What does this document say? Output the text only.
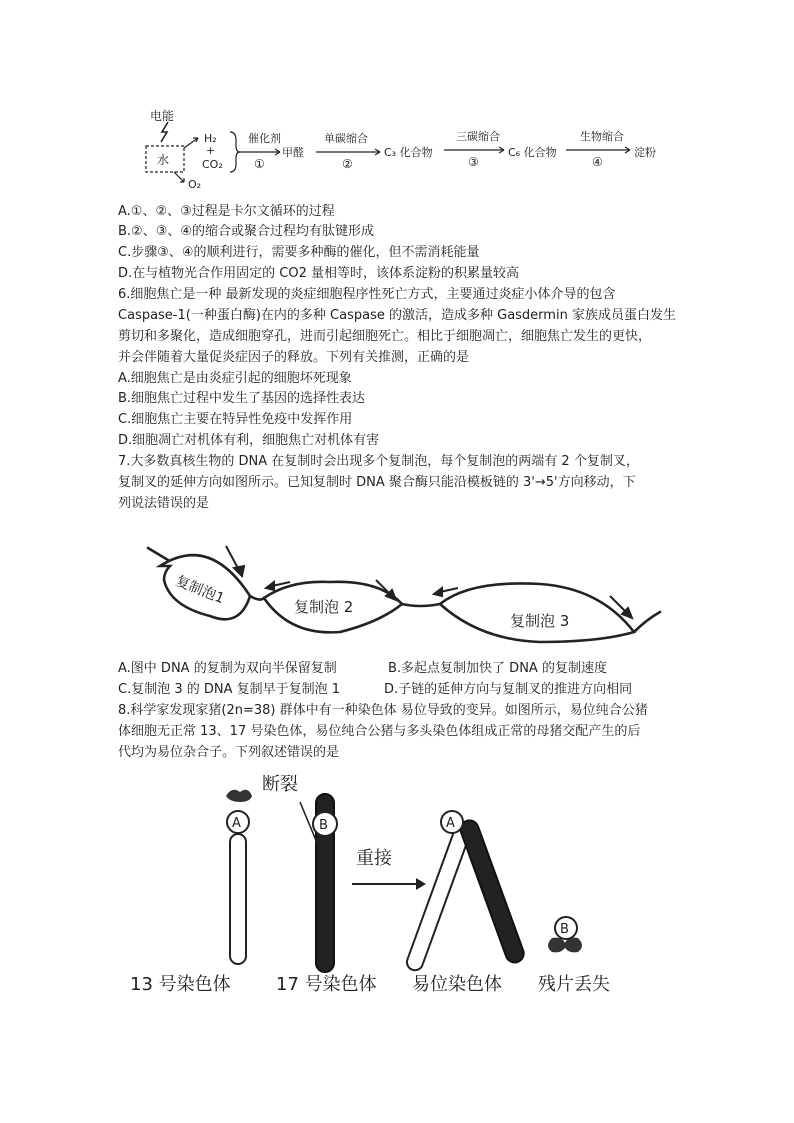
电能
水
H₂
+
CO₂
O₂
催化剂
①
甲醛
单碳缩合
②
C₃ 化合物
三碳缩合
③
C₆ 化合物
生物缩合
④
淀粉
A.①、②、③过程是卡尔文循环的过程
B.②、③、④的缩合或聚合过程均有肽键形成
C.步骤③、④的顺利进行，需要多种酶的催化，但不需消耗能量
D.在与植物光合作用固定的 CO2 量相等时，该体系淀粉的积累量较高
6.细胞焦亡是一种 最新发现的炎症细胞程序性死亡方式，主要通过炎症小体介导的包含
Caspase-1(一种蛋白酶)在内的多种 Caspase 的激活，造成多种 Gasdermin 家族成员蛋白发生
剪切和多聚化，造成细胞穿孔，进而引起细胞死亡。相比于细胞凋亡，细胞焦亡发生的更快，
并会伴随着大量促炎症因子的释放。下列有关推测，正确的是
A.细胞焦亡是由炎症引起的细胞坏死现象
B.细胞焦亡过程中发生了基因的选择性表达
C.细胞焦亡主要在特异性免疫中发挥作用
D.细胞凋亡对机体有利，细胞焦亡对机体有害
7.大多数真核生物的 DNA 在复制时会出现多个复制泡，每个复制泡的两端有 2 个复制叉，
复制叉的延伸方向如图所示。已知复制时 DNA 聚合酶只能沿模板链的 3'→5'方向移动，下
列说法错误的是
复制泡1	复制泡 2
复制泡 3
A.图中 DNA 的复制为双向半保留复制	B.多起点复制加快了 DNA 的复制速度
C.复制泡 3 的 DNA 复制早于复制泡 1	D.子链的延伸方向与复制叉的推进方向相同
8.科学家发现家猪(2n=38) 群体中有一种染色体 易位导致的变异。如图所示，易位纯合公猪
体细胞无正常 13、17 号染色体，易位纯合公猪与多头染色体组成正常的母猪交配产生的后
代均为易位杂合子。下列叙述错误的是
A	B
断裂
重接
A
B
13 号染色体	17 号染色体 易位染色体 残片丢失
